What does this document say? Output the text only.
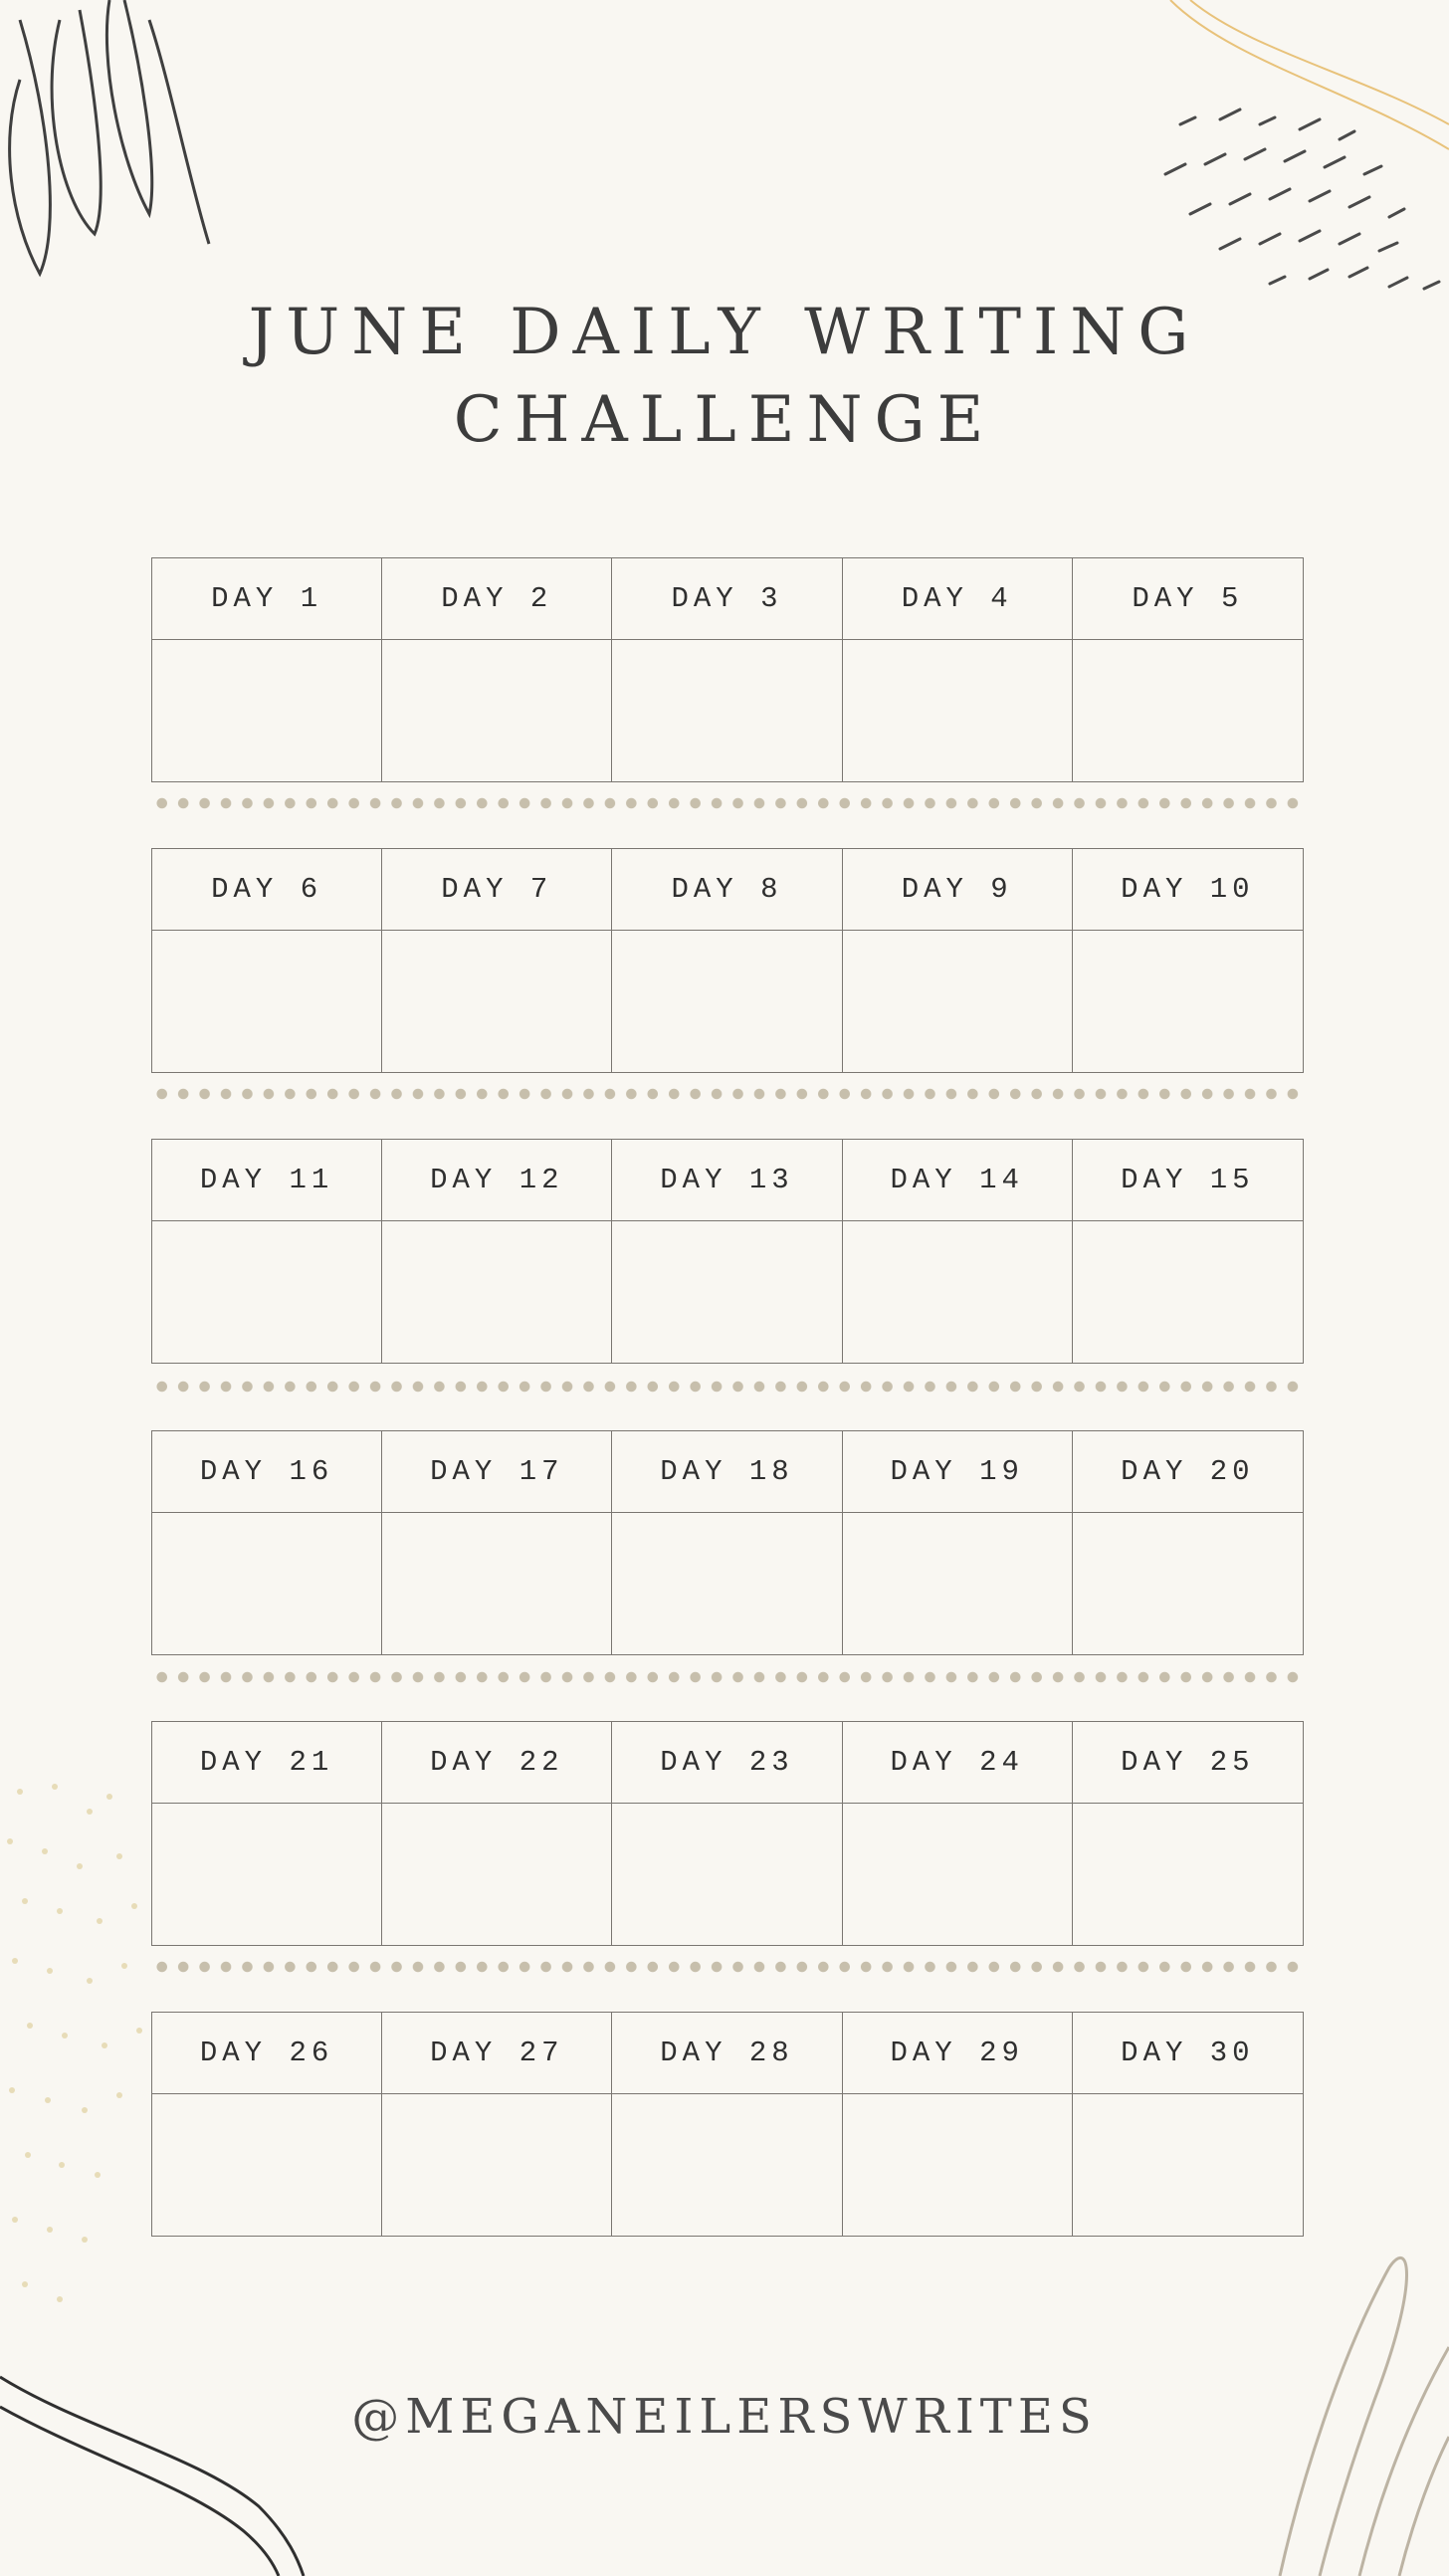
JUNE DAILY WRITING
CHALLENGE
DAY 1	DAY 2	DAY 3	DAY 4	DAY 5
DAY 6	DAY 7	DAY 8	DAY 9	DAY 10
DAY 11	DAY 12	DAY 13	DAY 14	DAY 15
DAY 16	DAY 17	DAY 18	DAY 19	DAY 20
DAY 21	DAY 22	DAY 23	DAY 24	DAY 25
DAY 26	DAY 27	DAY 28	DAY 29	DAY 30
@MEGANEILERSWRITES
